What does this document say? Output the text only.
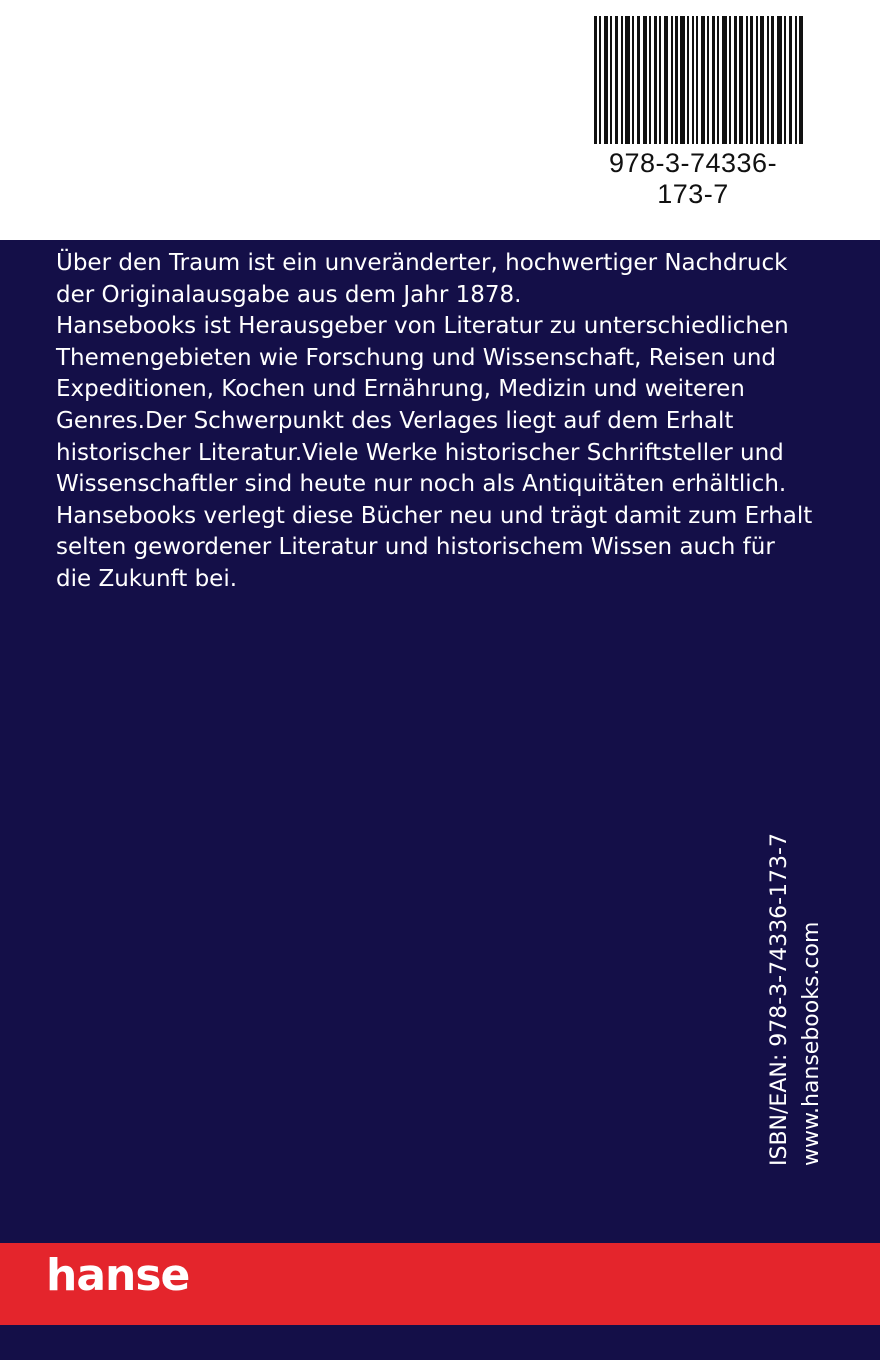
978-3-74336-173-7

Über den Traum ist ein unveränderter, hochwertiger Nachdruck der Originalausgabe aus dem Jahr 1878.

Hansebooks ist Herausgeber von Literatur zu unterschiedlichen Themengebieten wie Forschung und Wissenschaft, Reisen und Expeditionen, Kochen und Ernährung, Medizin und weiteren Genres.Der Schwerpunkt des Verlages liegt auf dem Erhalt historischer Literatur.Viele Werke historischer Schriftsteller und Wissenschaftler sind heute nur noch als Antiquitäten erhältlich. Hansebooks verlegt diese Bücher neu und trägt damit zum Erhalt selten gewordener Literatur und historischem Wissen auch für die Zukunft bei.

ISBN/EAN: 978-3-74336-173-7 www.hansebooks.com
hanse
